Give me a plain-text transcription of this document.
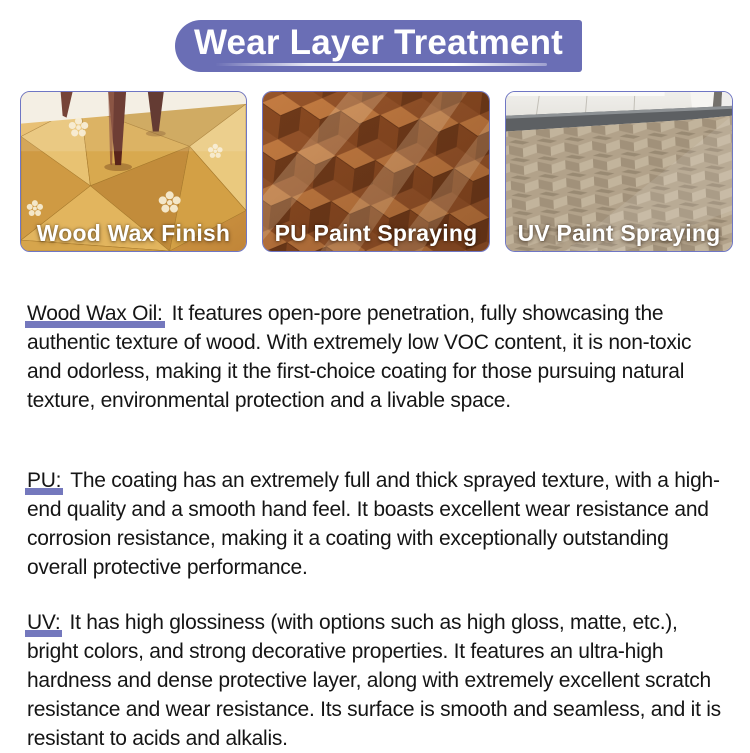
Wear Layer Treatment
Wood Wax Finish	PU Paint Spraying	UV Paint Spraying

Wood Wax Oil: It features open-pore penetration, fully showcasing the authentic texture of wood. With extremely low VOC content, it is non-toxic and odorless, making it the first-choice coating for those pursuing natural texture, environmental protection and a livable space.

PU: The coating has an extremely full and thick sprayed texture, with a high-end quality and a smooth hand feel. It boasts excellent wear resistance and corrosion resistance, making it a coating with exceptionally outstanding overall protective performance.

UV: It has high glossiness (with options such as high gloss, matte, etc.), bright colors, and strong decorative properties. It features an ultra-high hardness and dense protective layer, along with extremely excellent scratch resistance and wear resistance. Its surface is smooth and seamless, and it is resistant to acids and alkalis.
